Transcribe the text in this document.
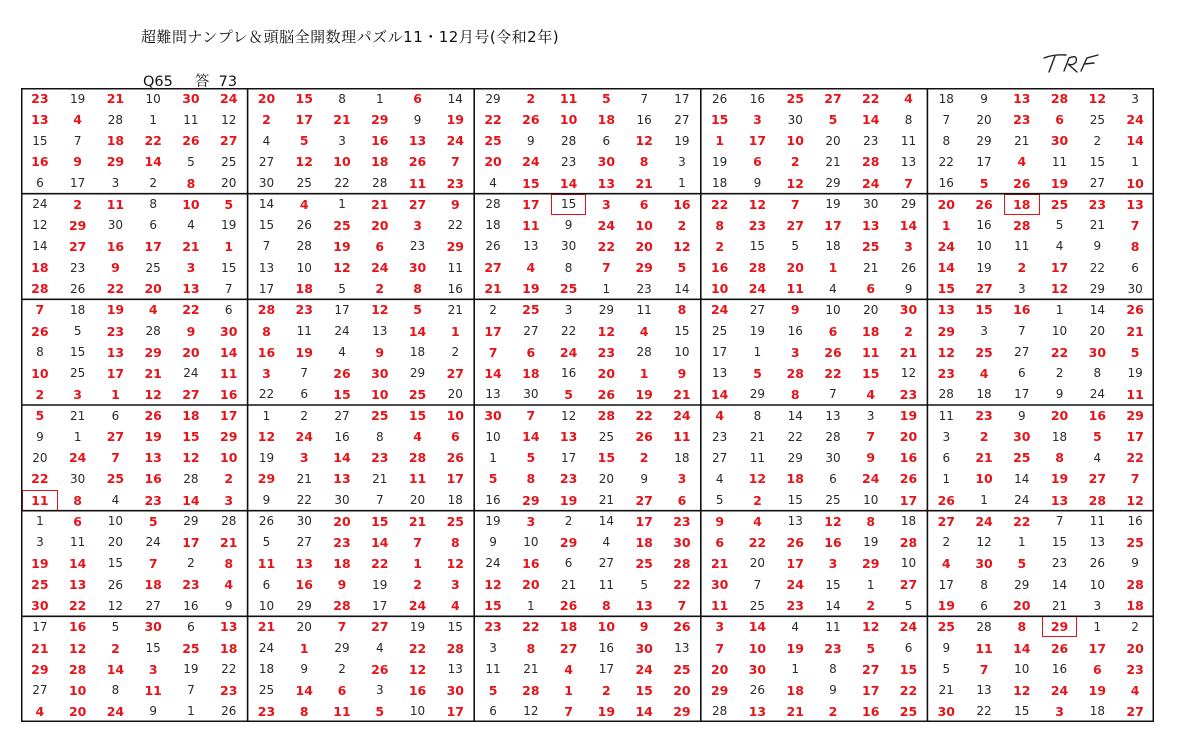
超難問ナンプレ＆頭脳全開数理パズル11・12月号(令和2年)
Q65 答 73
23	19	21	10	30	24	20	15	8	1	6	14	29	2	11	5	7	17	26	16	25	27	22	4	18	9	13	28	12	3
13	4	28	1	11	12	2	17	21	29	9	19	22	26	10	18	16	27	15	3	30	5	14	8	7	20	23	6	25	24
15	7	18	22	26	27	4	5	3	16	13	24	25	9	28	6	12	19	1	17	10	20	23	11	8	29	21	30	2	14
16	9	29	14	5	25	27	12	10	18	26	7	20	24	23	30	8	3	19	6	2	21	28	13	22	17	4	11	15	1
6	17	3	2	8	20	30	25	22	28	11	23	4	15	14	13	21	1	18	9	12	29	24	7	16	5	26	19	27	10
24	2	11	8	10	5	14	4	1	21	27	9	28	17	15	3	6	16	22	12	7	19	30	29	20	26	18	25	23	13
12	29	30	6	4	19	15	26	25	20	3	22	18	11	9	24	10	2	8	23	27	17	13	14	1	16	28	5	21	7
14	27	16	17	21	1	7	28	19	6	23	29	26	13	30	22	20	12	2	15	5	18	25	3	24	10	11	4	9	8
18	23	9	25	3	15	13	10	12	24	30	11	27	4	8	7	29	5	16	28	20	1	21	26	14	19	2	17	22	6
28	26	22	20	13	7	17	18	5	2	8	16	21	19	25	1	23	14	10	24	11	4	6	9	15	27	3	12	29	30
7	18	19	4	22	6	28	23	17	12	5	21	2	25	3	29	11	8	24	27	9	10	20	30	13	15	16	1	14	26
26	5	23	28	9	30	8	11	24	13	14	1	17	27	22	12	4	15	25	19	16	6	18	2	29	3	7	10	20	21
8	15	13	29	20	14	16	19	4	9	18	2	7	6	24	23	28	10	17	1	3	26	11	21	12	25	27	22	30	5
10	25	17	21	24	11	3	7	26	30	29	27	14	18	16	20	1	9	13	5	28	22	15	12	23	4	6	2	8	19
2	3	1	12	27	16	22	6	15	10	25	20	13	30	5	26	19	21	14	29	8	7	4	23	28	18	17	9	24	11
5	21	6	26	18	17	1	2	27	25	15	10	30	7	12	28	22	24	4	8	14	13	3	19	11	23	9	20	16	29
9	1	27	19	15	29	12	24	16	8	4	6	10	14	13	25	26	11	23	21	22	28	7	20	3	2	30	18	5	17
20	24	7	13	12	10	19	3	14	23	28	26	1	5	17	15	2	18	27	11	29	30	9	16	6	21	25	8	4	22
22	30	25	16	28	2	29	21	13	21	11	17	5	8	23	20	9	3	4	12	18	6	24	26	1	10	14	19	27	7
11	8	4	23	14	3	9	22	30	7	20	18	16	29	19	21	27	6	5	2	15	25	10	17	26	1	24	13	28	12
1	6	10	5	29	28	26	30	20	15	21	25	19	3	2	14	17	23	9	4	13	12	8	18	27	24	22	7	11	16
3	11	20	24	17	21	5	27	23	14	7	8	9	10	29	4	18	30	6	22	26	16	19	28	2	12	1	15	13	25
19	14	15	7	2	8	11	13	18	22	1	12	24	16	6	27	25	28	21	20	17	3	29	10	4	30	5	23	26	9
25	13	26	18	23	4	6	16	9	19	2	3	12	20	21	11	5	22	30	7	24	15	1	27	17	8	29	14	10	28
30	22	12	27	16	9	10	29	28	17	24	4	15	1	26	8	13	7	11	25	23	14	2	5	19	6	20	21	3	18
17	16	5	30	6	13	21	20	7	27	19	15	23	22	18	10	9	26	3	14	4	11	12	24	25	28	8	29	1	2
21	12	2	15	25	18	24	1	29	4	22	28	3	8	27	16	30	13	7	10	19	23	5	6	9	11	14	26	17	20
29	28	14	3	19	22	18	9	2	26	12	13	11	21	4	17	24	25	20	30	1	8	27	15	5	7	10	16	6	23
27	10	8	11	7	23	25	14	6	3	16	30	5	28	1	2	15	20	29	26	18	9	17	22	21	13	12	24	19	4
4	20	24	9	1	26	23	8	11	5	10	17	6	12	7	19	14	29	28	13	21	2	16	25	30	22	15	3	18	27
